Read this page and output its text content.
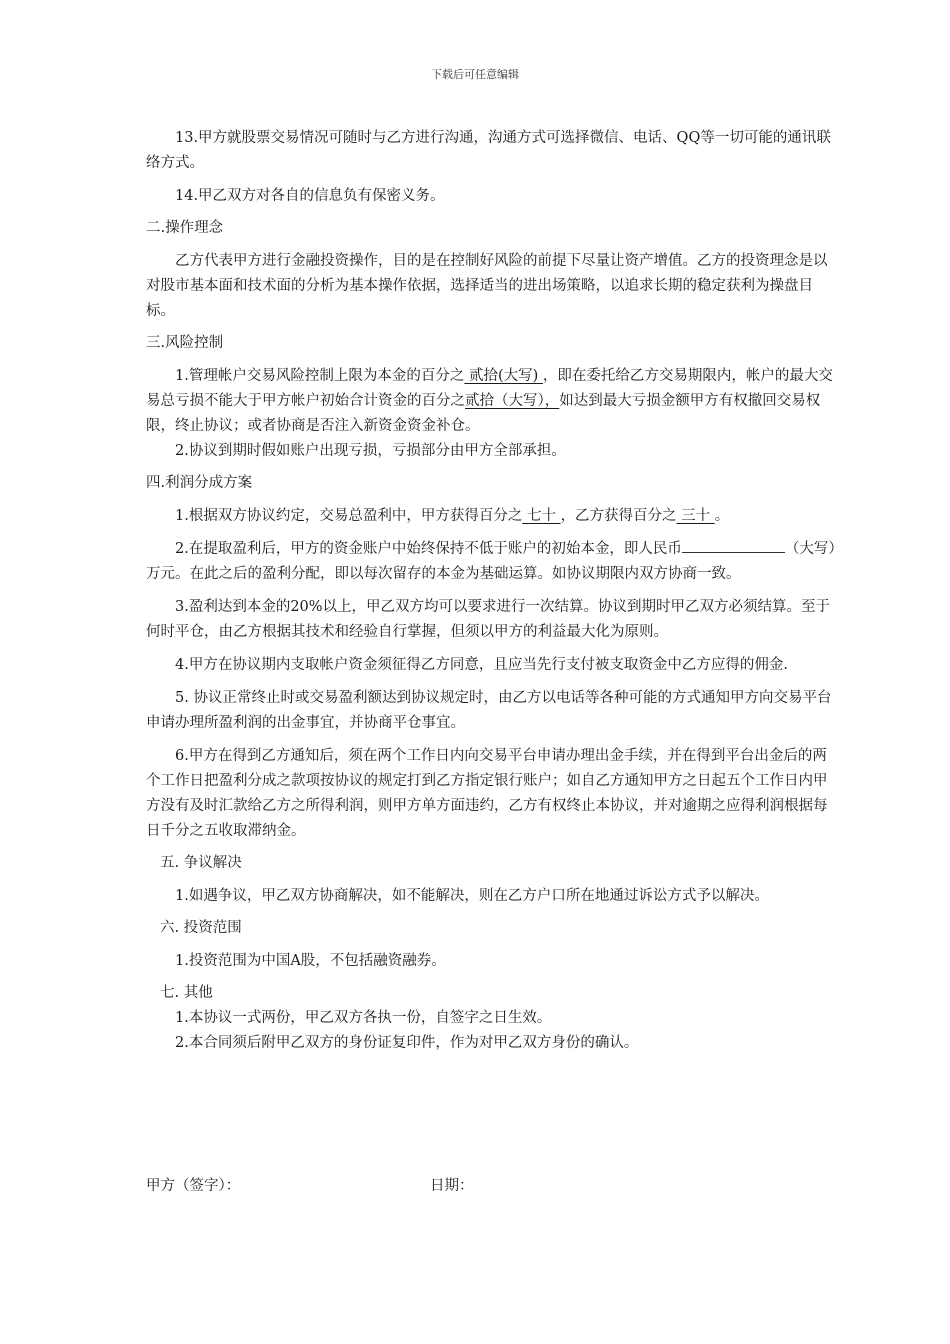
下载后可任意编辑

13.甲方就股票交易情况可随时与乙方进行沟通，沟通方式可选择微信、电话、QQ等一切可能的通讯联络方式。

14.甲乙双方对各自的信息负有保密义务。

二.操作理念

乙方代表甲方进行金融投资操作，目的是在控制好风险的前提下尽量让资产增值。乙方的投资理念是以对股市基本面和技术面的分析为基本操作依据，选择适当的进出场策略，以追求长期的稳定获利为操盘目标。

三.风险控制

1.管理帐户交易风险控制上限为本金的百分之 贰拾(大写) ，即在委托给乙方交易期限内，帐户的最大交易总亏损不能大于甲方帐户初始合计资金的百分之贰拾（大写），如达到最大亏损金额甲方有权撤回交易权限，终止协议；或者协商是否注入新资金资金补仓。

2.协议到期时假如账户出现亏损，亏损部分由甲方全部承担。

四.利润分成方案

1.根据双方协议约定，交易总盈利中，甲方获得百分之 七十 ，乙方获得百分之 三十 。

2.在提取盈利后，甲方的资金账户中始终保持不低于账户的初始本金，即人民币	（大写）万元。在此之后的盈利分配，即以每次留存的本金为基础运算。如协议期限内双方协商一致。

3.盈利达到本金的20%以上，甲乙双方均可以要求进行一次结算。协议到期时甲乙双方必须结算。至于何时平仓，由乙方根据其技术和经验自行掌握，但须以甲方的利益最大化为原则。

4.甲方在协议期内支取帐户资金须征得乙方同意，且应当先行支付被支取资金中乙方应得的佣金.

5. 协议正常终止时或交易盈利额达到协议规定时，由乙方以电话等各种可能的方式通知甲方向交易平台申请办理所盈利润的出金事宜，并协商平仓事宜。

6.甲方在得到乙方通知后，须在两个工作日内向交易平台申请办理出金手续，并在得到平台出金后的两个工作日把盈利分成之款项按协议的规定打到乙方指定银行账户；如自乙方通知甲方之日起五个工作日内甲方没有及时汇款给乙方之所得利润，则甲方单方面违约，乙方有权终止本协议，并对逾期之应得利润根据每日千分之五收取滞纳金。

五. 争议解决

1.如遇争议，甲乙双方协商解决，如不能解决，则在乙方户口所在地通过诉讼方式予以解决。

六. 投资范围

1.投资范围为中国A股，不包括融资融券。

七. 其他

1.本协议一式两份，甲乙双方各执一份，自签字之日生效。

2.本合同须后附甲乙双方的身份证复印件，作为对甲乙双方身份的确认。

甲方（签字）：	日期：
